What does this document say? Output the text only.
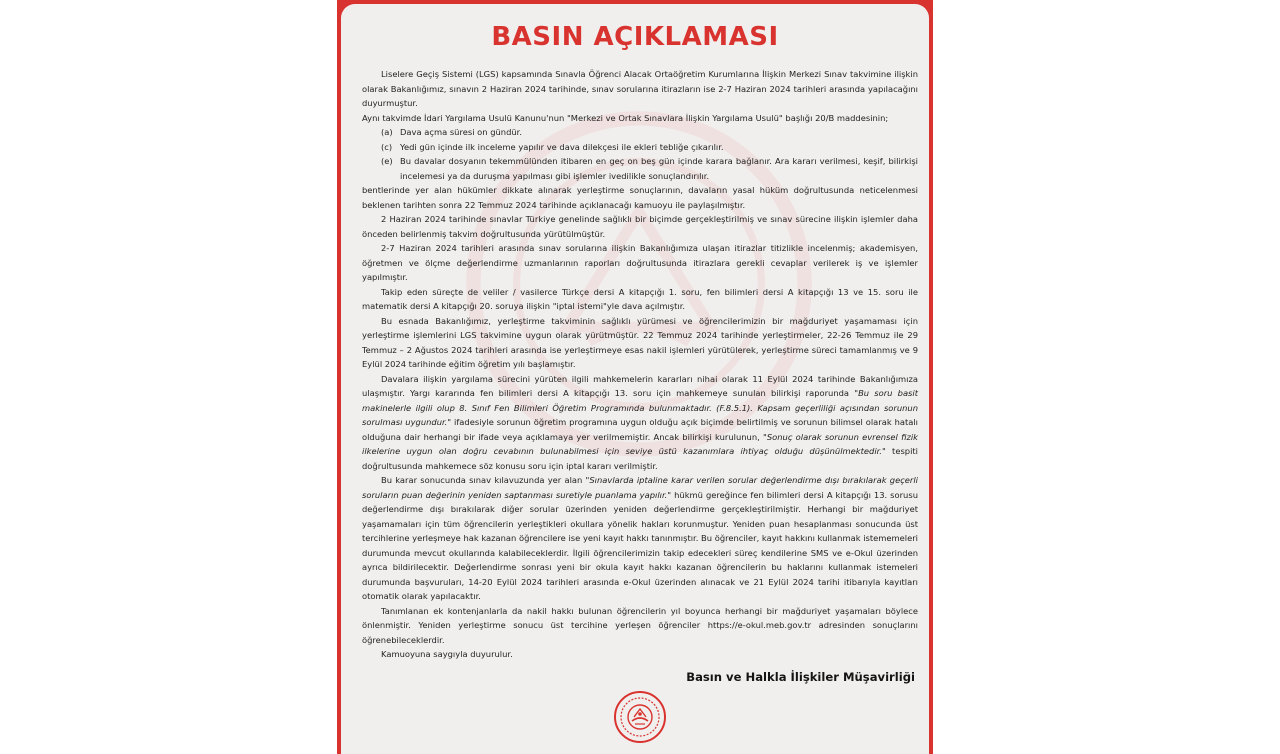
BASIN AÇIKLAMASI

Liselere Geçiş Sistemi (LGS) kapsamında Sınavla Öğrenci Alacak Ortaöğretim Kurumlarına İlişkin Merkezi Sınav takvimine ilişkin olarak Bakanlığımız, sınavın 2 Haziran 2024 tarihinde, sınav sorularına itirazların ise 2-7 Haziran 2024 tarihleri arasında yapılacağını duyurmuştur.

Aynı takvimde İdari Yargılama Usulü Kanunu'nun "Merkezi ve Ortak Sınavlara İlişkin Yargılama Usulü" başlığı 20/B maddesinin;

(a) Dava açma süresi on gündür.
(c) Yedi gün içinde ilk inceleme yapılır ve dava dilekçesi ile ekleri tebliğe çıkarılır.
(e) Bu davalar dosyanın tekemmülünden itibaren en geç on beş gün içinde karara bağlanır. Ara kararı verilmesi, keşif, bilirkişi incelemesi ya da duruşma yapılması gibi işlemler ivedilikle sonuçlandırılır.

bentlerinde yer alan hükümler dikkate alınarak yerleştirme sonuçlarının, davaların yasal hüküm doğrultusunda neticelenmesi beklenen tarihten sonra 22 Temmuz 2024 tarihinde açıklanacağı kamuoyu ile paylaşılmıştır.

2 Haziran 2024 tarihinde sınavlar Türkiye genelinde sağlıklı bir biçimde gerçekleştirilmiş ve sınav sürecine ilişkin işlemler daha önceden belirlenmiş takvim doğrultusunda yürütülmüştür.

2-7 Haziran 2024 tarihleri arasında sınav sorularına ilişkin Bakanlığımıza ulaşan itirazlar titizlikle incelenmiş; akademisyen, öğretmen ve ölçme değerlendirme uzmanlarının raporları doğrultusunda itirazlara gerekli cevaplar verilerek iş ve işlemler yapılmıştır.

Takip eden süreçte de veliler / vasilerce Türkçe dersi A kitapçığı 1. soru, fen bilimleri dersi A kitapçığı 13 ve 15. soru ile matematik dersi A kitapçığı 20. soruya ilişkin "iptal istemi"yle dava açılmıştır.

Bu esnada Bakanlığımız, yerleştirme takviminin sağlıklı yürümesi ve öğrencilerimizin bir mağduriyet yaşamaması için yerleştirme işlemlerini LGS takvimine uygun olarak yürütmüştür. 22 Temmuz 2024 tarihinde yerleştirmeler, 22-26 Temmuz ile 29 Temmuz – 2 Ağustos 2024 tarihleri arasında ise yerleştirmeye esas nakil işlemleri yürütülerek, yerleştirme süreci tamamlanmış ve 9 Eylül 2024 tarihinde eğitim öğretim yılı başlamıştır.

Davalara ilişkin yargılama sürecini yürüten ilgili mahkemelerin kararları nihai olarak 11 Eylül 2024 tarihinde Bakanlığımıza ulaşmıştır. Yargı kararında fen bilimleri dersi A kitapçığı 13. soru için mahkemeye sunulan bilirkişi raporunda "Bu soru basit makinelerle ilgili olup 8. Sınıf Fen Bilimleri Öğretim Programında bulunmaktadır. (F.8.5.1). Kapsam geçerliliği açısından sorunun sorulması uygundur." ifadesiyle sorunun öğretim programına uygun olduğu açık biçimde belirtilmiş ve sorunun bilimsel olarak hatalı olduğuna dair herhangi bir ifade veya açıklamaya yer verilmemiştir. Ancak bilirkişi kurulunun, "Sonuç olarak sorunun evrensel fizik ilkelerine uygun olan doğru cevabının bulunabilmesi için seviye üstü kazanımlara ihtiyaç olduğu düşünülmektedir." tespiti doğrultusunda mahkemece söz konusu soru için iptal kararı verilmiştir.

Bu karar sonucunda sınav kılavuzunda yer alan "Sınavlarda iptaline karar verilen sorular değerlendirme dışı bırakılarak geçerli soruların puan değerinin yeniden saptanması suretiyle puanlama yapılır." hükmü gereğince fen bilimleri dersi A kitapçığı 13. sorusu değerlendirme dışı bırakılarak diğer sorular üzerinden yeniden değerlendirme gerçekleştirilmiştir. Herhangi bir mağduriyet yaşamamaları için tüm öğrencilerin yerleştikleri okullara yönelik hakları korunmuştur. Yeniden puan hesaplanması sonucunda üst tercihlerine yerleşmeye hak kazanan öğrencilere ise yeni kayıt hakkı tanınmıştır. Bu öğrenciler, kayıt hakkını kullanmak istememeleri durumunda mevcut okullarında kalabileceklerdir. İlgili öğrencilerimizin takip edecekleri süreç kendilerine SMS ve e-Okul üzerinden ayrıca bildirilecektir. Değerlendirme sonrası yeni bir okula kayıt hakkı kazanan öğrencilerin bu haklarını kullanmak istemeleri durumunda başvuruları, 14-20 Eylül 2024 tarihleri arasında e-Okul üzerinden alınacak ve 21 Eylül 2024 tarihi itibarıyla kayıtları otomatik olarak yapılacaktır.

Tanımlanan ek kontenjanlarla da nakil hakkı bulunan öğrencilerin yıl boyunca herhangi bir mağduriyet yaşamaları böylece önlenmiştir. Yeniden yerleştirme sonucu üst tercihine yerleşen öğrenciler https://e-okul.meb.gov.tr adresinden sonuçlarını öğrenebileceklerdir.

Kamuoyuna saygıyla duyurulur.

Basın ve Halkla İlişkiler Müşavirliği
